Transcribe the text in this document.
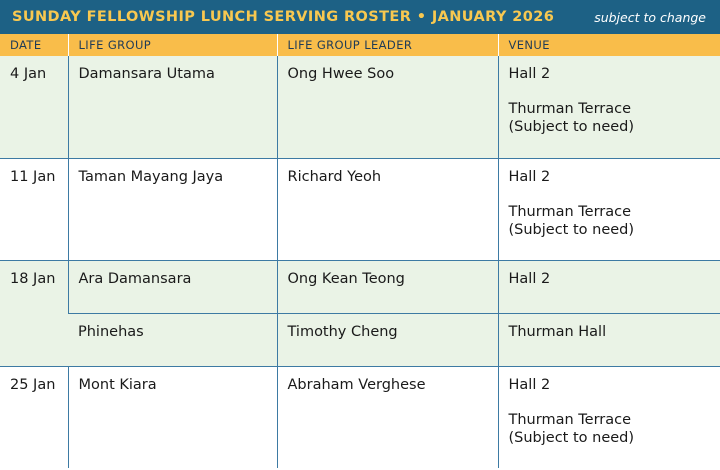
SUNDAY FELLOWSHIP LUNCH SERVING ROSTER • JANUARY 2026	subject to change
DATE	LIFE GROUP	LIFE GROUP LEADER	VENUE
4 Jan	Damansara Utama	Ong Hwee Soo	Hall 2
Thurman Terrace
(Subject to need)

11 Jan	Taman Mayang Jaya	Richard Yeoh	Hall 2
Thurman Terrace
(Subject to need)

18 Jan	Ara Damansara	Ong Kean Teong	Hall 2

	Phinehas	Timothy Cheng	Thurman Hall

25 Jan	Mont Kiara	Abraham Verghese	Hall 2
Thurman Terrace
(Subject to need)
